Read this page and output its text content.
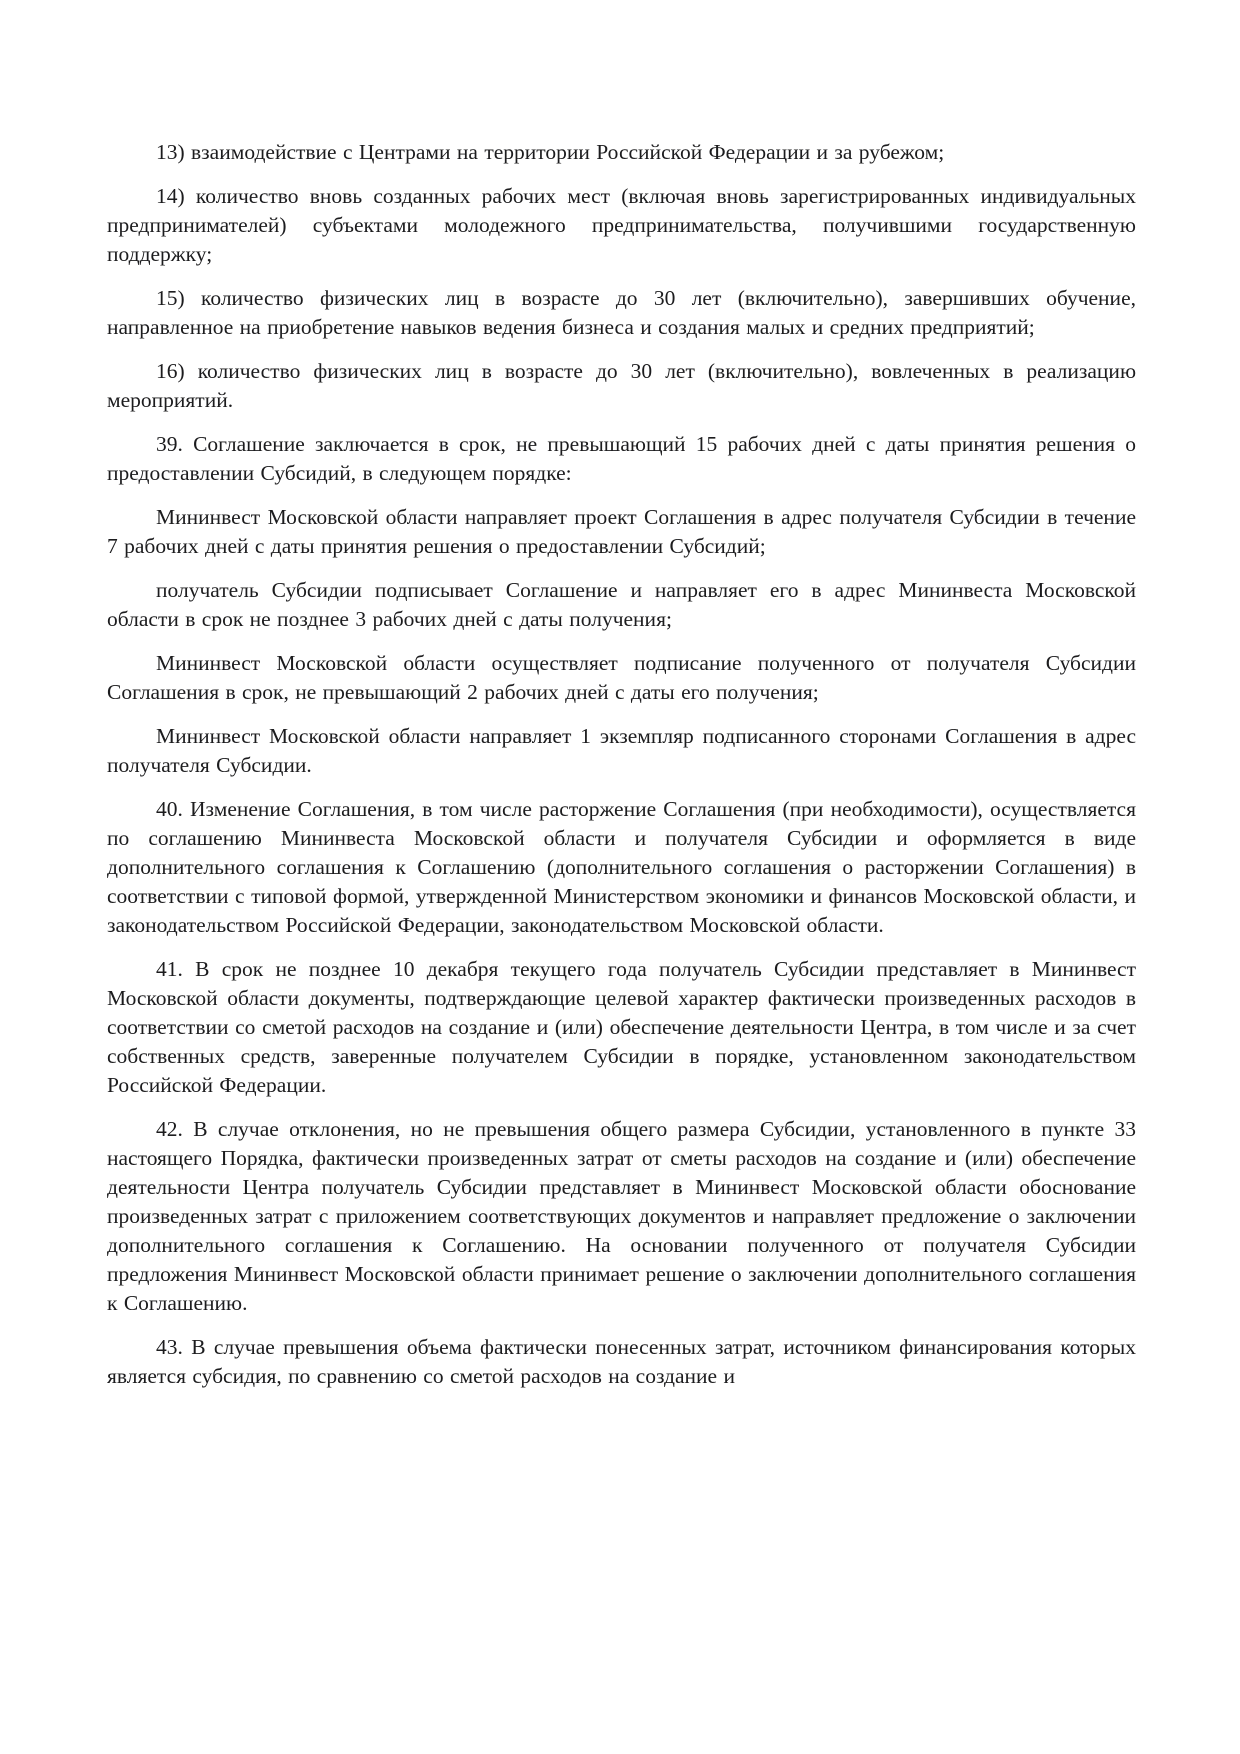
13) взаимодействие с Центрами на территории Российской Федерации и за рубежом;

14) количество вновь созданных рабочих мест (включая вновь зарегистрированных индивидуальных предпринимателей) субъектами молодежного предпринимательства, получившими государственную поддержку;

15) количество физических лиц в возрасте до 30 лет (включительно), завершивших обучение, направленное на приобретение навыков ведения бизнеса и создания малых и средних предприятий;

16) количество физических лиц в возрасте до 30 лет (включительно), вовлеченных в реализацию мероприятий.

39. Соглашение заключается в срок, не превышающий 15 рабочих дней с даты принятия решения о предоставлении Субсидий, в следующем порядке:

Мининвест Московской области направляет проект Соглашения в адрес получателя Субсидии в течение 7 рабочих дней с даты принятия решения о предоставлении Субсидий;

получатель Субсидии подписывает Соглашение и направляет его в адрес Мининвеста Московской области в срок не позднее 3 рабочих дней с даты получения;

Мининвест Московской области осуществляет подписание полученного от получателя Субсидии Соглашения в срок, не превышающий 2 рабочих дней с даты его получения;

Мининвест Московской области направляет 1 экземпляр подписанного сторонами Соглашения в адрес получателя Субсидии.

40. Изменение Соглашения, в том числе расторжение Соглашения (при необходимости), осуществляется по соглашению Мининвеста Московской области и получателя Субсидии и оформляется в виде дополнительного соглашения к Соглашению (дополнительного соглашения о расторжении Соглашения) в соответствии с типовой формой, утвержденной Министерством экономики и финансов Московской области, и законодательством Российской Федерации, законодательством Московской области.

41. В срок не позднее 10 декабря текущего года получатель Субсидии представляет в Мининвест Московской области документы, подтверждающие целевой характер фактически произведенных расходов в соответствии со сметой расходов на создание и (или) обеспечение деятельности Центра, в том числе и за счет собственных средств, заверенные получателем Субсидии в порядке, установленном законодательством Российской Федерации.

42. В случае отклонения, но не превышения общего размера Субсидии, установленного в пункте 33 настоящего Порядка, фактически произведенных затрат от сметы расходов на создание и (или) обеспечение деятельности Центра получатель Субсидии представляет в Мининвест Московской области обоснование произведенных затрат с приложением соответствующих документов и направляет предложение о заключении дополнительного соглашения к Соглашению. На основании полученного от получателя Субсидии предложения Мининвест Московской области принимает решение о заключении дополнительного соглашения к Соглашению.

43. В случае превышения объема фактически понесенных затрат, источником финансирования которых является субсидия, по сравнению со сметой расходов на создание и
